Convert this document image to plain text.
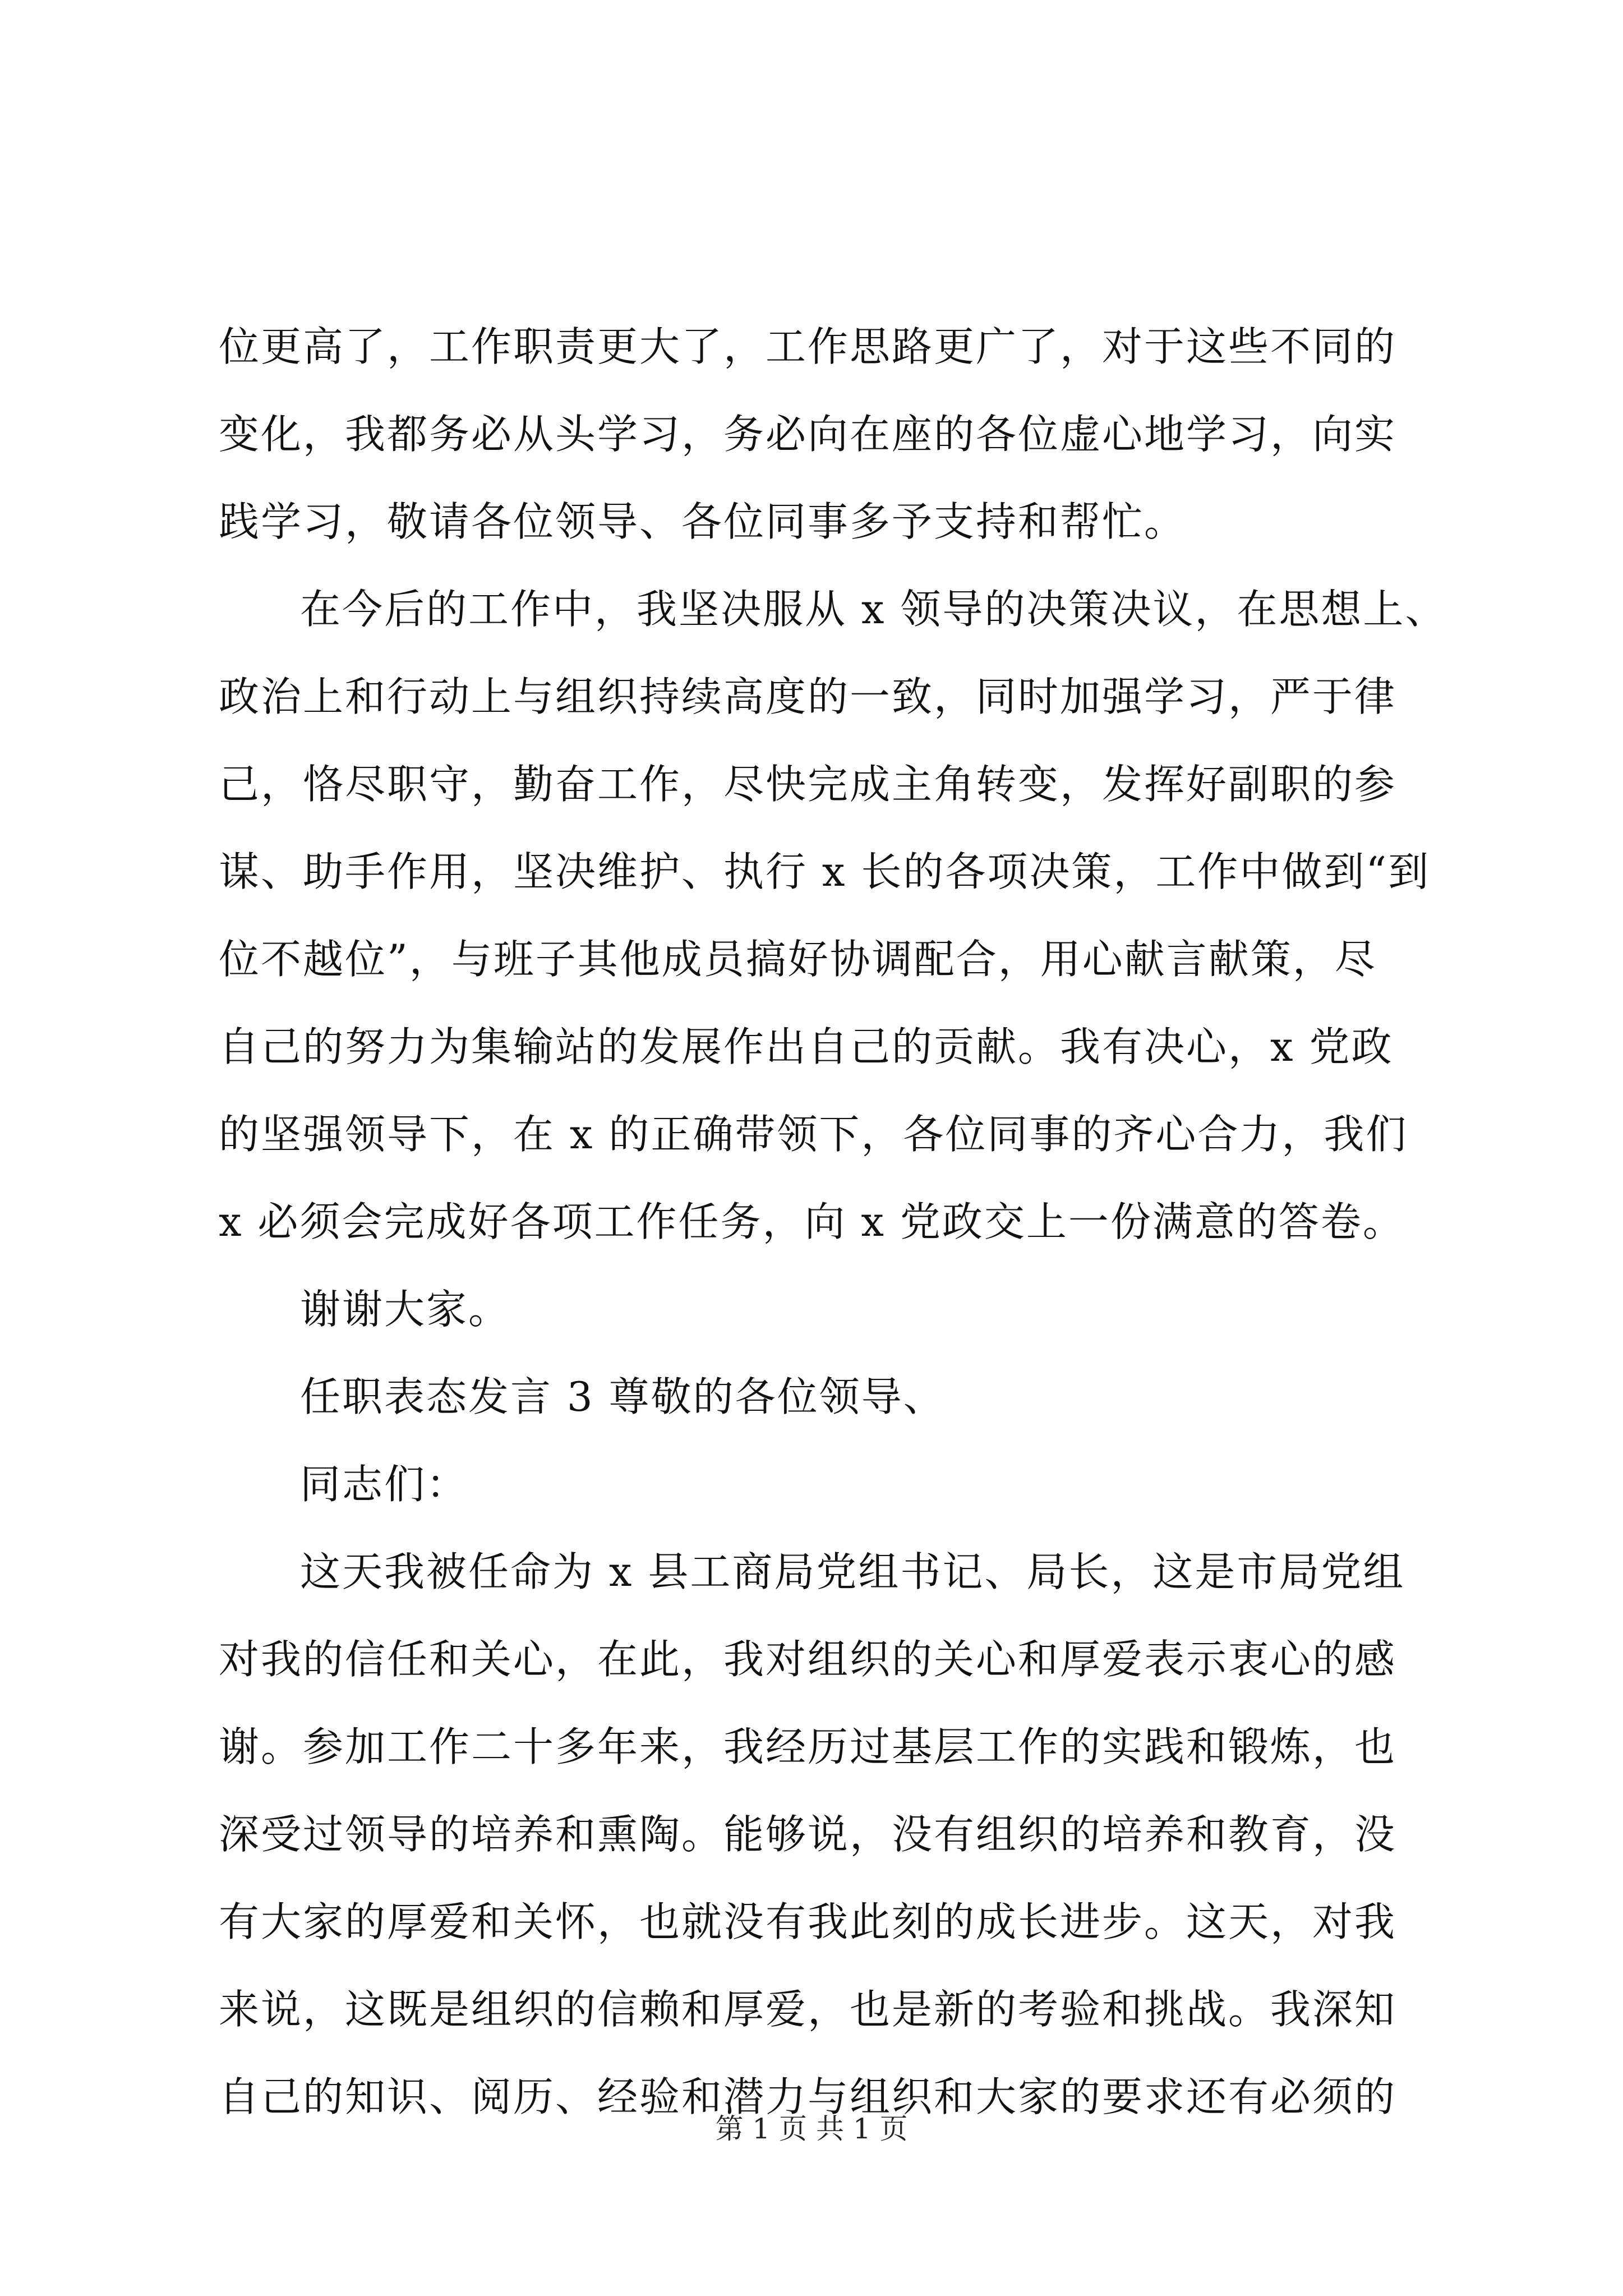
位更高了，工作职责更大了，工作思路更广了，对于这些不同的
变化，我都务必从头学习，务必向在座的各位虚心地学习，向实
践学习，敬请各位领导、各位同事多予支持和帮忙。
在今后的工作中，我坚决服从 x 领导的决策决议，在思想上、
政治上和行动上与组织持续高度的一致，同时加强学习，严于律
己，恪尽职守，勤奋工作，尽快完成主角转变，发挥好副职的参
谋、助手作用，坚决维护、执行 x 长的各项决策，工作中做到“到
位不越位”，与班子其他成员搞好协调配合，用心献言献策，尽
自己的努力为集输站的发展作出自己的贡献。我有决心，x 党政
的坚强领导下，在 x 的正确带领下，各位同事的齐心合力，我们
x 必须会完成好各项工作任务，向 x 党政交上一份满意的答卷。
谢谢大家。
任职表态发言 3 尊敬的各位领导、
同志们：
这天我被任命为 x 县工商局党组书记、局长，这是市局党组
对我的信任和关心，在此，我对组织的关心和厚爱表示衷心的感
谢。参加工作二十多年来，我经历过基层工作的实践和锻炼，也
深受过领导的培养和熏陶。能够说，没有组织的培养和教育，没
有大家的厚爱和关怀，也就没有我此刻的成长进步。这天，对我
来说，这既是组织的信赖和厚爱，也是新的考验和挑战。我深知
自己的知识、阅历、经验和潜力与组织和大家的要求还有必须的
第 1 页 共 1 页
